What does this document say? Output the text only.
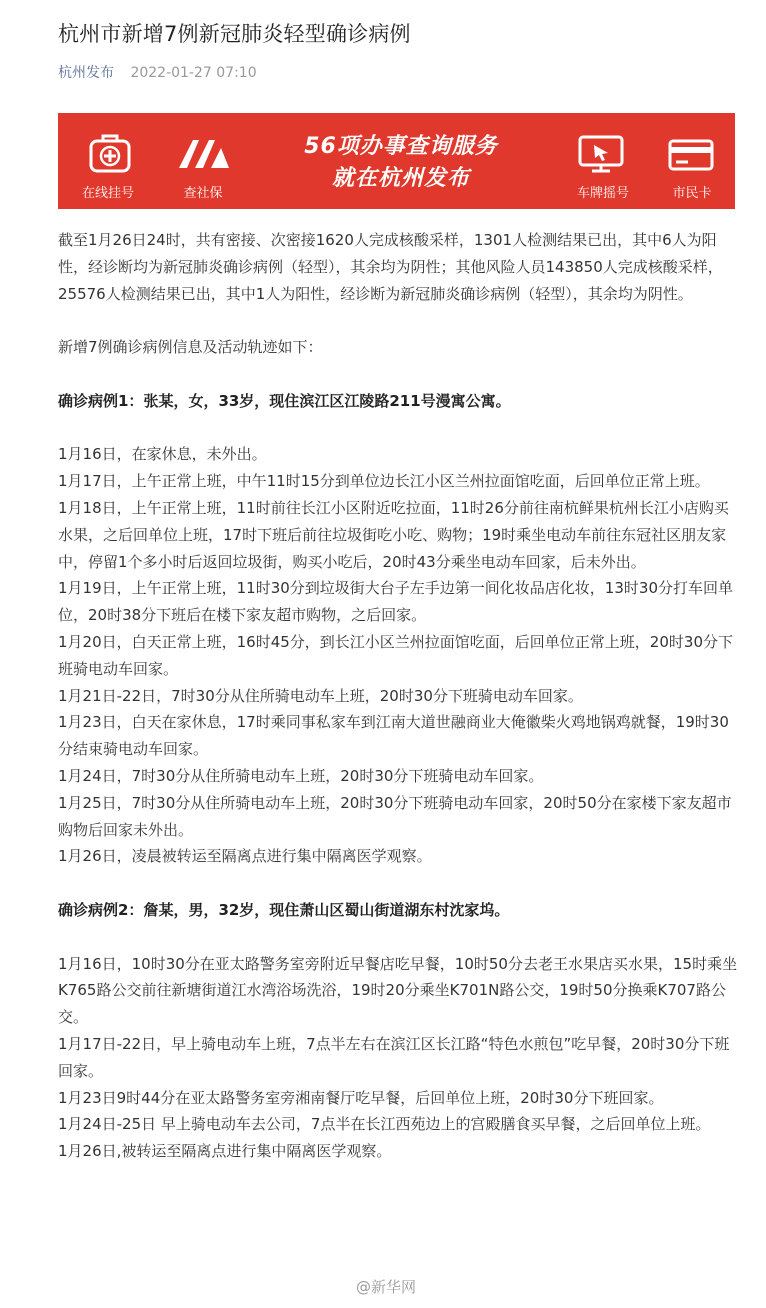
杭州市新增7例新冠肺炎轻型确诊病例
杭州发布 2022-01-27 07:10
在线挂号	查社保
56项办事查询服务
就在杭州发布
车牌摇号	市民卡

截至1月26日24时，共有密接、次密接1620人完成核酸采样，1301人检测结果已出，其中6人为阳性，经诊断均为新冠肺炎确诊病例（轻型），其余均为阴性；其他风险人员143850人完成核酸采样，25576人检测结果已出，其中1人为阳性，经诊断为新冠肺炎确诊病例（轻型），其余均为阴性。

新增7例确诊病例信息及活动轨迹如下：

确诊病例1：张某，女，33岁，现住滨江区江陵路211号漫寓公寓。

1月16日，在家休息，未外出。

1月17日，上午正常上班，中午11时15分到单位边长江小区兰州拉面馆吃面，后回单位正常上班。

1月18日，上午正常上班，11时前往长江小区附近吃拉面，11时26分前往南杭鲜果杭州长江小店购买水果，之后回单位上班，17时下班后前往垃圾街吃小吃、购物；19时乘坐电动车前往东冠社区朋友家中，停留1个多小时后返回垃圾街，购买小吃后，20时43分乘坐电动车回家，后未外出。

1月19日，上午正常上班，11时30分到垃圾街大台子左手边第一间化妆品店化妆，13时30分打车回单位，20时38分下班后在楼下家友超市购物，之后回家。

1月20日，白天正常上班，16时45分，到长江小区兰州拉面馆吃面，后回单位正常上班，20时30分下班骑电动车回家。

1月21日-22日，7时30分从住所骑电动车上班，20时30分下班骑电动车回家。

1月23日，白天在家休息，17时乘同事私家车到江南大道世融商业大俺徽柴火鸡地锅鸡就餐，19时30分结束骑电动车回家。

1月24日，7时30分从住所骑电动车上班，20时30分下班骑电动车回家。

1月25日，7时30分从住所骑电动车上班，20时30分下班骑电动车回家，20时50分在家楼下家友超市购物后回家未外出。

1月26日，凌晨被转运至隔离点进行集中隔离医学观察。

确诊病例2：詹某，男，32岁，现住萧山区蜀山街道湖东村沈家坞。

1月16日，10时30分在亚太路警务室旁附近早餐店吃早餐，10时50分去老王水果店买水果，15时乘坐K765路公交前往新塘街道江水湾浴场洗浴，19时20分乘坐K701N路公交，19时50分换乘K707路公交。

1月17日-22日，早上骑电动车上班，7点半左右在滨江区长江路“特色水煎包”吃早餐，20时30分下班回家。

1月23日9时44分在亚太路警务室旁湘南餐厅吃早餐，后回单位上班，20时30分下班回家。

1月24日-25日 早上骑电动车去公司，7点半在长江西苑边上的宫殿膳食买早餐，之后回单位上班。

1月26日,被转运至隔离点进行集中隔离医学观察。

@新华网
